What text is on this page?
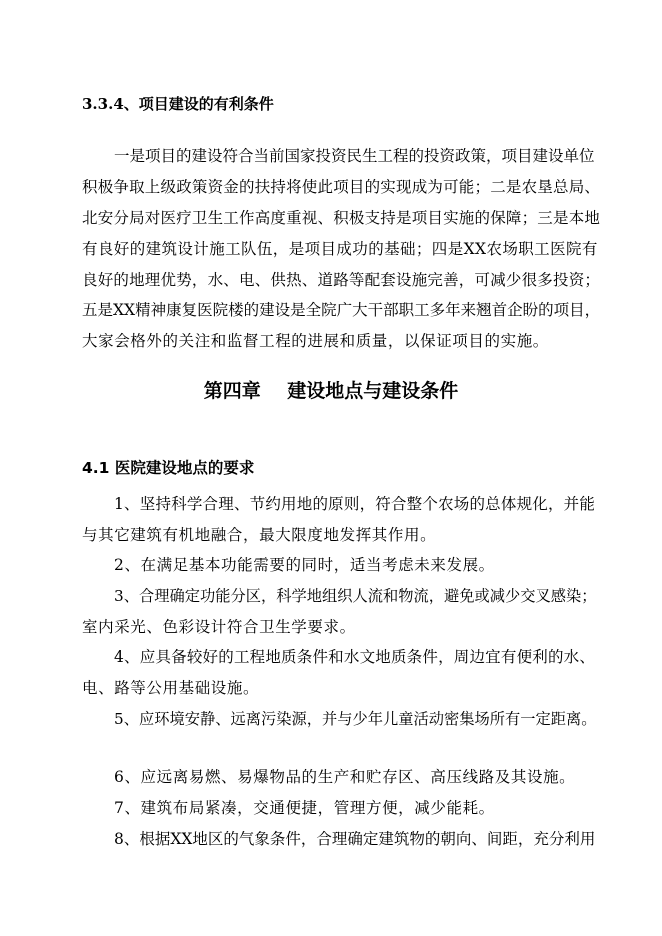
3.3.4、项目建设的有利条件
一是项目的建设符合当前国家投资民生工程的投资政策，项目建设单位
积极争取上级政策资金的扶持将使此项目的实现成为可能；二是农垦总局、
北安分局对医疗卫生工作高度重视、积极支持是项目实施的保障；三是本地
有良好的建筑设计施工队伍，是项目成功的基础；四是XX农场职工医院有
良好的地理优势，水、电、供热、道路等配套设施完善，可减少很多投资；
五是XX精神康复医院楼的建设是全院广大干部职工多年来翘首企盼的项目，
大家会格外的关注和监督工程的进展和质量，以保证项目的实施。
第四章    建设地点与建设条件
4.1 医院建设地点的要求
1、坚持科学合理、节约用地的原则，符合整个农场的总体规化，并能
与其它建筑有机地融合，最大限度地发挥其作用。
2、在满足基本功能需要的同时，适当考虑未来发展。
3、合理确定功能分区，科学地组织人流和物流，避免或减少交叉感染；
室内采光、色彩设计符合卫生学要求。
4、应具备较好的工程地质条件和水文地质条件，周边宜有便利的水、
电、路等公用基础设施。
5、应环境安静、远离污染源，并与少年儿童活动密集场所有一定距离。
6、应远离易燃、易爆物品的生产和贮存区、高压线路及其设施。
7、建筑布局紧凑，交通便捷，管理方便，减少能耗。
8、根据XX地区的气象条件，合理确定建筑物的朝向、间距，充分利用
